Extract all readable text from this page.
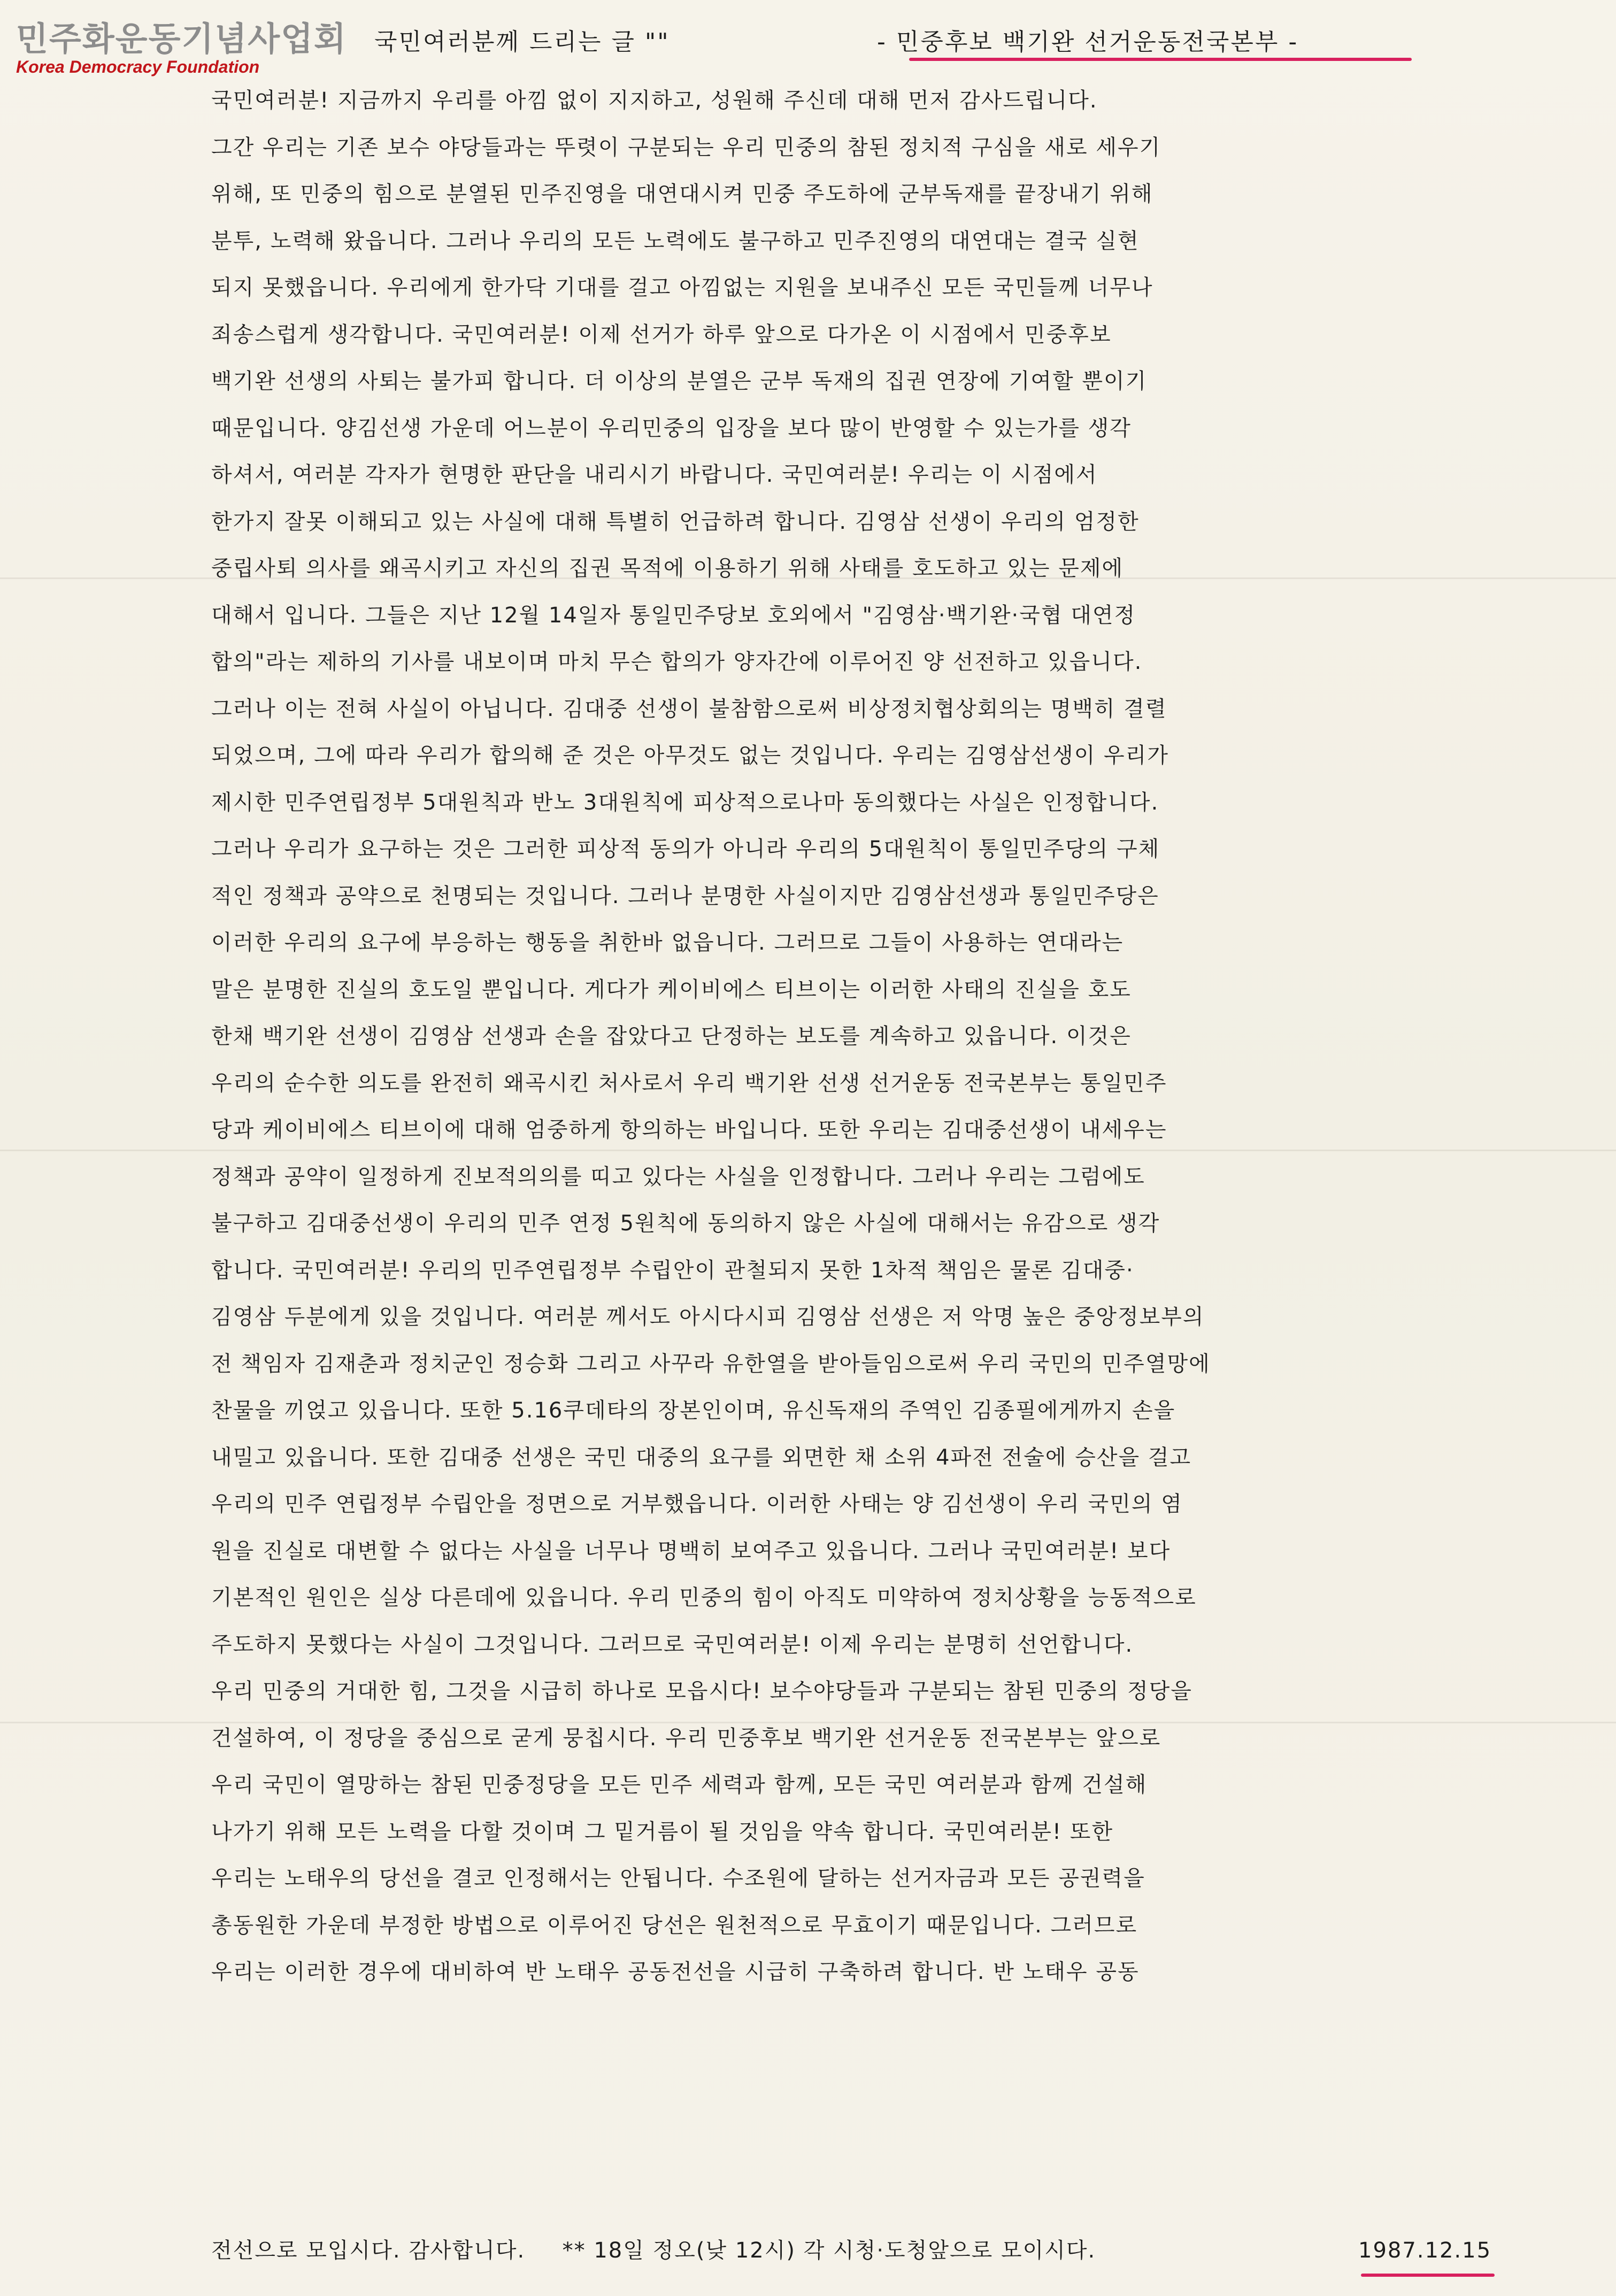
민주화운동기념사업회
Korea Democracy Foundation
국민여러분께 드리는 글 ""	- 민중후보 백기완 선거운동전국본부 -
국민여러분! 지금까지 우리를 아낌 없이 지지하고, 성원해 주신데 대해 먼저 감사드립니다.
그간 우리는 기존 보수 야당들과는 뚜렷이 구분되는 우리 민중의 참된 정치적 구심을 새로 세우기
위해, 또 민중의 힘으로 분열된 민주진영을 대연대시켜 민중 주도하에 군부독재를 끝장내기 위해
분투, 노력해 왔읍니다. 그러나 우리의 모든 노력에도 불구하고 민주진영의 대연대는 결국 실현
되지 못했읍니다. 우리에게 한가닥 기대를 걸고 아낌없는 지원을 보내주신 모든 국민들께 너무나
죄송스럽게 생각합니다. 국민여러분! 이제 선거가 하루 앞으로 다가온 이 시점에서 민중후보
백기완 선생의 사퇴는 불가피 합니다. 더 이상의 분열은 군부 독재의 집권 연장에 기여할 뿐이기
때문입니다. 양김선생 가운데 어느분이 우리민중의 입장을 보다 많이 반영할 수 있는가를 생각
하셔서, 여러분 각자가 현명한 판단을 내리시기 바랍니다. 국민여러분! 우리는 이 시점에서
한가지 잘못 이해되고 있는 사실에 대해 특별히 언급하려 합니다. 김영삼 선생이 우리의 엄정한
중립사퇴 의사를 왜곡시키고 자신의 집권 목적에 이용하기 위해 사태를 호도하고 있는 문제에
대해서 입니다. 그들은 지난 12월 14일자 통일민주당보 호외에서 "김영삼·백기완·국협 대연정
합의"라는 제하의 기사를 내보이며 마치 무슨 합의가 양자간에 이루어진 양 선전하고 있읍니다.
그러나 이는 전혀 사실이 아닙니다. 김대중 선생이 불참함으로써 비상정치협상회의는 명백히 결렬
되었으며, 그에 따라 우리가 합의해 준 것은 아무것도 없는 것입니다. 우리는 김영삼선생이 우리가
제시한 민주연립정부 5대원칙과 반노 3대원칙에 피상적으로나마 동의했다는 사실은 인정합니다.
그러나 우리가 요구하는 것은 그러한 피상적 동의가 아니라 우리의 5대원칙이 통일민주당의 구체
적인 정책과 공약으로 천명되는 것입니다. 그러나 분명한 사실이지만 김영삼선생과 통일민주당은
이러한 우리의 요구에 부응하는 행동을 취한바 없읍니다. 그러므로 그들이 사용하는 연대라는
말은 분명한 진실의 호도일 뿐입니다. 게다가 케이비에스 티브이는 이러한 사태의 진실을 호도
한채 백기완 선생이 김영삼 선생과 손을 잡았다고 단정하는 보도를 계속하고 있읍니다. 이것은
우리의 순수한 의도를 완전히 왜곡시킨 처사로서 우리 백기완 선생 선거운동 전국본부는 통일민주
당과 케이비에스 티브이에 대해 엄중하게 항의하는 바입니다. 또한 우리는 김대중선생이 내세우는
정책과 공약이 일정하게 진보적의의를 띠고 있다는 사실을 인정합니다. 그러나 우리는 그럼에도
불구하고 김대중선생이 우리의 민주 연정 5원칙에 동의하지 않은 사실에 대해서는 유감으로 생각
합니다. 국민여러분! 우리의 민주연립정부 수립안이 관철되지 못한 1차적 책임은 물론 김대중·
김영삼 두분에게 있을 것입니다. 여러분 께서도 아시다시피 김영삼 선생은 저 악명 높은 중앙정보부의
전 책임자 김재춘과 정치군인 정승화 그리고 사꾸라 유한열을 받아들임으로써 우리 국민의 민주열망에
찬물을 끼얹고 있읍니다. 또한 5.16쿠데타의 장본인이며, 유신독재의 주역인 김종필에게까지 손을
내밀고 있읍니다. 또한 김대중 선생은 국민 대중의 요구를 외면한 채 소위 4파전 전술에 승산을 걸고
우리의 민주 연립정부 수립안을 정면으로 거부했읍니다. 이러한 사태는 양 김선생이 우리 국민의 염
원을 진실로 대변할 수 없다는 사실을 너무나 명백히 보여주고 있읍니다. 그러나 국민여러분! 보다
기본적인 원인은 실상 다른데에 있읍니다. 우리 민중의 힘이 아직도 미약하여 정치상황을 능동적으로
주도하지 못했다는 사실이 그것입니다. 그러므로 국민여러분! 이제 우리는 분명히 선언합니다.
우리 민중의 거대한 힘, 그것을 시급히 하나로 모읍시다! 보수야당들과 구분되는 참된 민중의 정당을
건설하여, 이 정당을 중심으로 굳게 뭉칩시다. 우리 민중후보 백기완 선거운동 전국본부는 앞으로
우리 국민이 열망하는 참된 민중정당을 모든 민주 세력과 함께, 모든 국민 여러분과 함께 건설해
나가기 위해 모든 노력을 다할 것이며 그 밑거름이 될 것임을 약속 합니다. 국민여러분! 또한
우리는 노태우의 당선을 결코 인정해서는 안됩니다. 수조원에 달하는 선거자금과 모든 공권력을
총동원한 가운데 부정한 방법으로 이루어진 당선은 원천적으로 무효이기 때문입니다. 그러므로
우리는 이러한 경우에 대비하여 반 노태우 공동전선을 시급히 구축하려 합니다. 반 노태우 공동
전선으로 모입시다. 감사합니다. ** 18일 정오(낮 12시) 각 시청·도청앞으로 모이시다.	1987.12.15
